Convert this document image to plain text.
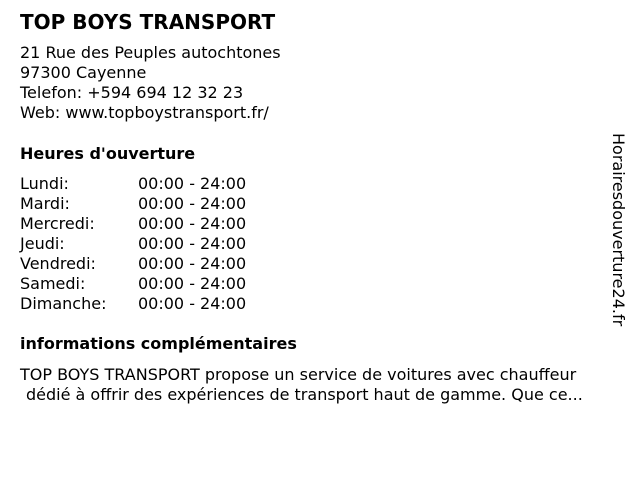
TOP BOYS TRANSPORT
21 Rue des Peuples autochtones
97300 Cayenne
Telefon: +594 694 12 32 23
Web: www.topboystransport.fr/
Heures d'ouverture
Lundi:	00:00 - 24:00
Mardi:	00:00 - 24:00
Mercredi:	00:00 - 24:00
Jeudi:	00:00 - 24:00
Vendredi:	00:00 - 24:00
Samedi:	00:00 - 24:00
Dimanche:	00:00 - 24:00
informations complémentaires
TOP BOYS TRANSPORT propose un service de voitures avec chauffeur
dédié à offrir des expériences de transport haut de gamme. Que ce...
Horairesdouverture24.fr
